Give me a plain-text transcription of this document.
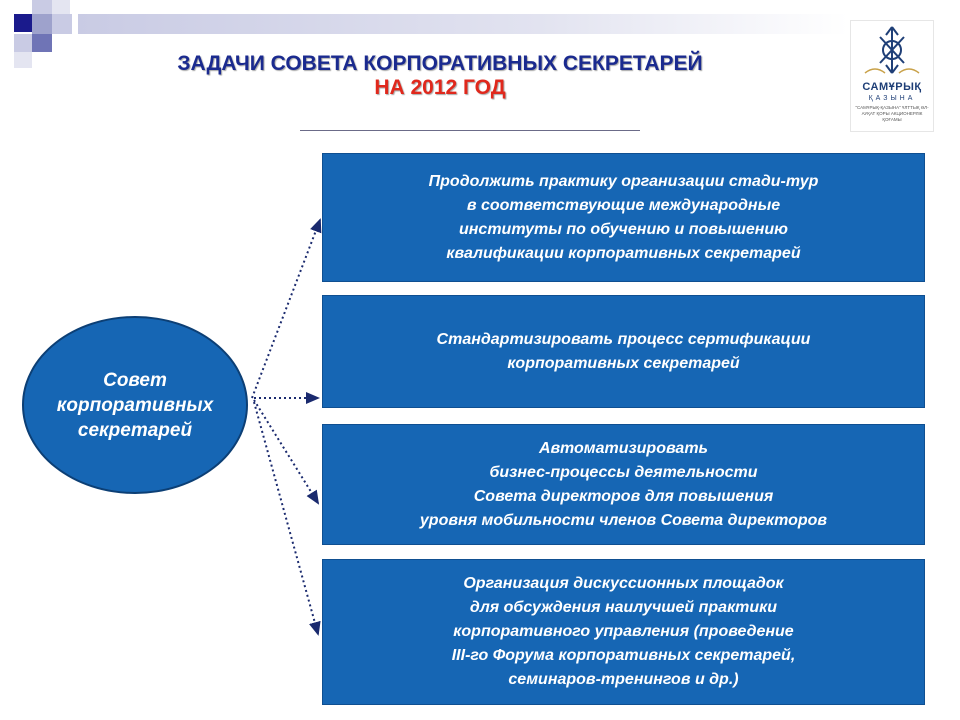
ЗАДАЧИ СОВЕТА КОРПОРАТИВНЫХ СЕКРЕТАРЕЙ
НА 2012 ГОД	САМҰРЫҚ
ҚАЗЫНА
"САМҰРЫҚ-ҚАЗЫНА" ҰЛТТЫҚ ӘЛ-АУҚАТ ҚОРЫ АКЦИОНЕРЛІК ҚОҒАМЫ
Совет
корпоративных
секретарей
Продолжить практику организации стади-тур
в соответствующие международные
институты по обучению и повышению
квалификации корпоративных секретарей
Стандартизировать процесс сертификации
корпоративных секретарей
Автоматизировать
бизнес-процессы деятельности
Совета директоров для повышения
уровня мобильности членов Совета директоров
Организация дискуссионных площадок
для обсуждения наилучшей практики
корпоративного управления (проведение
III-го Форума корпоративных секретарей,
семинаров-тренингов и др.)
